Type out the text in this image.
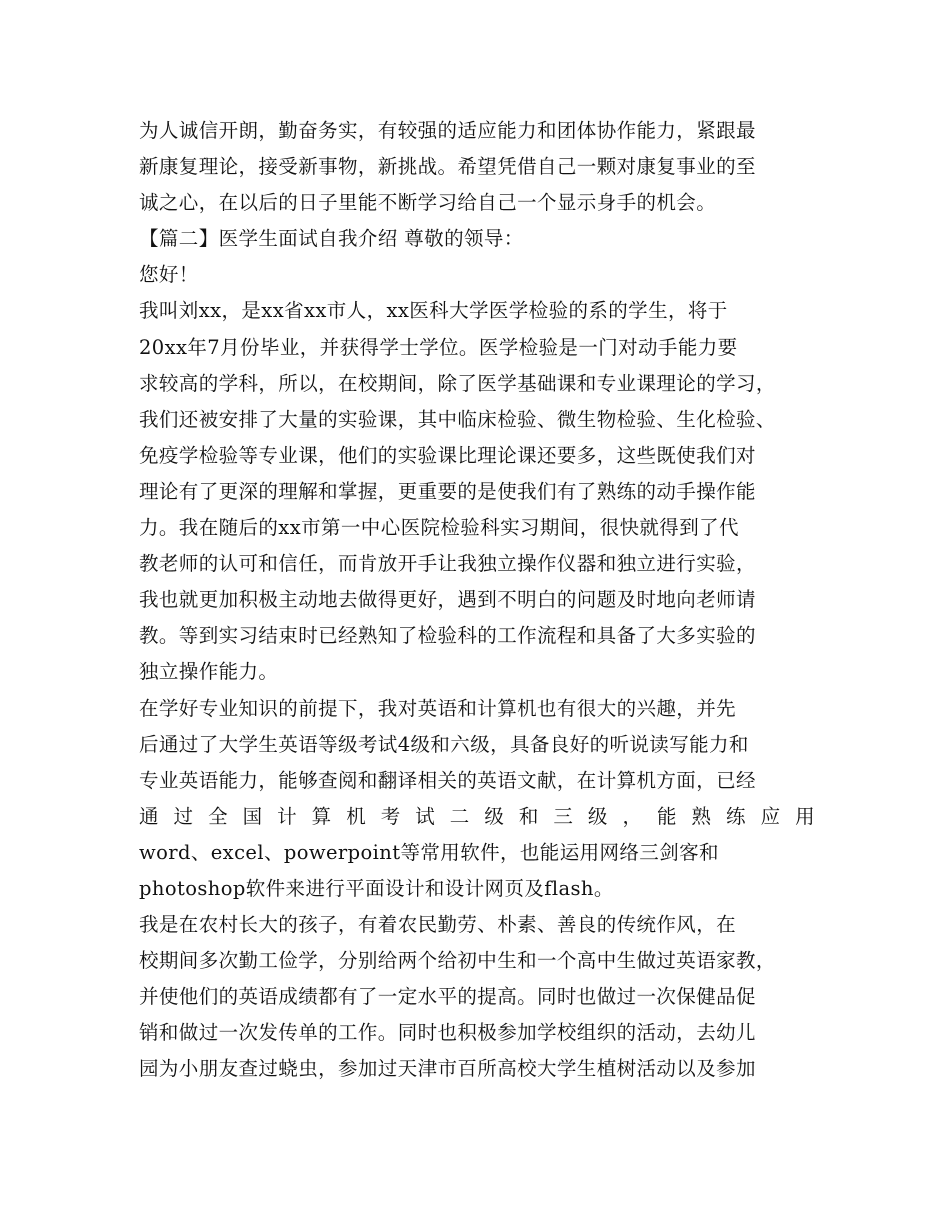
为人诚信开朗，勤奋务实，有较强的适应能力和团体协作能力，紧跟最
新康复理论，接受新事物，新挑战。希望凭借自己一颗对康复事业的至
诚之心，在以后的日子里能不断学习给自己一个显示身手的机会。
【篇二】医学生面试自我介绍 尊敬的领导：
您好！
我叫刘xx，是xx省xx市人，xx医科大学医学检验的系的学生，将于
20xx年7月份毕业，并获得学士学位。医学检验是一门对动手能力要
求较高的学科，所以，在校期间，除了医学基础课和专业课理论的学习，
我们还被安排了大量的实验课，其中临床检验、微生物检验、生化检验、
免疫学检验等专业课，他们的实验课比理论课还要多，这些既使我们对
理论有了更深的理解和掌握，更重要的是使我们有了熟练的动手操作能
力。我在随后的xx市第一中心医院检验科实习期间，很快就得到了代
教老师的认可和信任，而肯放开手让我独立操作仪器和独立进行实验，
我也就更加积极主动地去做得更好，遇到不明白的问题及时地向老师请
教。等到实习结束时已经熟知了检验科的工作流程和具备了大多实验的
独立操作能力。
在学好专业知识的前提下，我对英语和计算机也有很大的兴趣，并先
后通过了大学生英语等级考试4级和六级，具备良好的听说读写能力和
专业英语能力，能够查阅和翻译相关的英语文献，在计算机方面，已经
通 过 全 国 计 算 机 考 试 二 级 和 三 级 ， 能 熟 练 应 用
word、excel、powerpoint等常用软件，也能运用网络三剑客和
photoshop软件来进行平面设计和设计网页及flash。
我是在农村长大的孩子，有着农民勤劳、朴素、善良的传统作风，在
校期间多次勤工俭学，分别给两个给初中生和一个高中生做过英语家教，
并使他们的英语成绩都有了一定水平的提高。同时也做过一次保健品促
销和做过一次发传单的工作。同时也积极参加学校组织的活动，去幼儿
园为小朋友查过蛲虫，参加过天津市百所高校大学生植树活动以及参加
